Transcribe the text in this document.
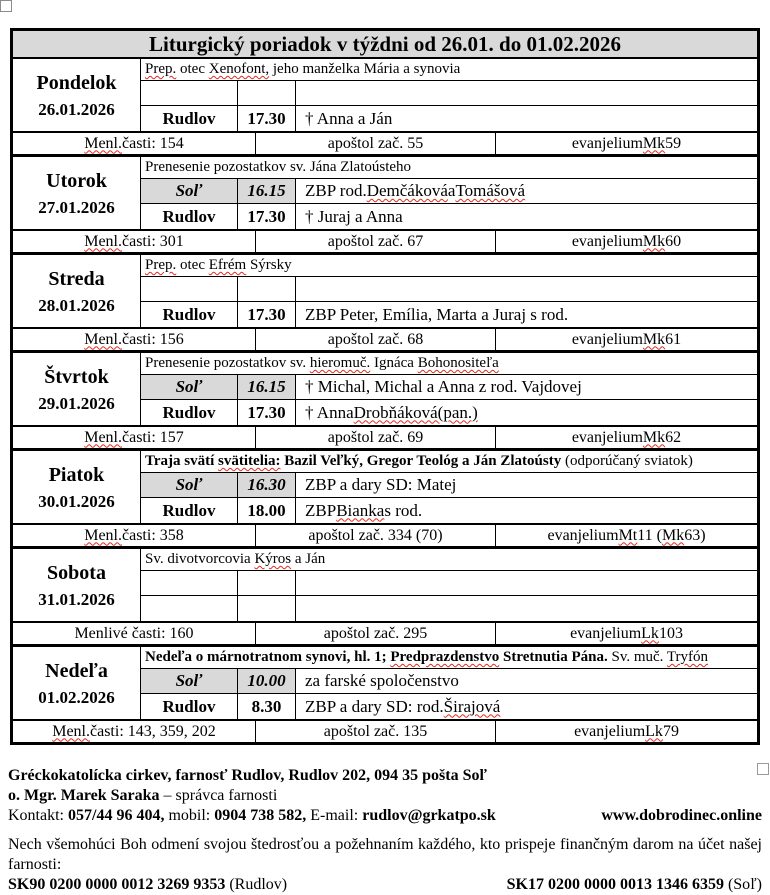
Liturgický poriadok v týždni od 26.01. do 01.02.2026
Pondelok
26.01.2026
Prep. otec Xenofont, jeho manželka Mária a synovia
Rudlov	17.30	† Anna a Ján
Menl. časti: 154	apoštol zač. 55	evanjelium Mk 59
Utorok
27.01.2026
Prenesenie pozostatkov sv. Jána Zlatoústeho
Soľ	16.15	ZBP rod. Demčáková a Tomášová
Rudlov	17.30	† Juraj a Anna
Menl. časti: 301	apoštol zač. 67	evanjelium Mk 60
Streda
28.01.2026
Prep. otec Efrém Sýrsky
Rudlov	17.30	ZBP Peter, Emília, Marta a Juraj s rod.
Menl. časti: 156	apoštol zač. 68	evanjelium Mk 61
Štvrtok
29.01.2026
Prenesenie pozostatkov sv. hieromuč. Ignáca Bohonositeľa
Soľ	16.15	† Michal, Michal a Anna z rod. Vajdovej
Rudlov	17.30	† Anna Drobňáková (pan.)
Menl. časti: 157	apoštol zač. 69	evanjelium Mk 62
Piatok
30.01.2026
Traja svätí svätitelia: Bazil Veľký, Gregor Teológ a Ján Zlatoústy (odporúčaný sviatok)
Soľ	16.30	ZBP a dary SD: Matej
Rudlov	18.00	ZBP Bianka s rod.
Menl. časti: 358	apoštol zač. 334 (70)	evanjelium Mt 11 ( Mk 63)
Sobota
31.01.2026
Sv. divotvorcovia Kýros a Ján
Menlivé časti: 160	apoštol zač. 295	evanjelium Lk 103
Nedeľa
01.02.2026
Nedeľa o márnotratnom synovi, hl. 1; Predprazdenstvo Stretnutia Pána. Sv. muč. Tryfón
Soľ	10.00	za farské spoločenstvo
Rudlov	8.30	ZBP a dary SD: rod. Širajová
Menl. časti: 143, 359, 202	apoštol zač. 135	evanjelium Lk 79
Gréckokatolícka cirkev, farnosť Rudlov, Rudlov 202, 094 35 pošta Soľ
o. Mgr. Marek Saraka – správca farnosti
Kontakt: 057/44 96 404, mobil: 0904 738 582, E-mail: rudlov@grkatpo.sk	www.dobrodinec.online
Nech všemohúci Boh odmení svojou štedrosťou a požehnaním každého, kto prispeje finančným darom na účet našej farnosti:
SK90 0200 0000 0012 3269 9353 (Rudlov)	SK17 0200 0000 0013 1346 6359 (Soľ)
